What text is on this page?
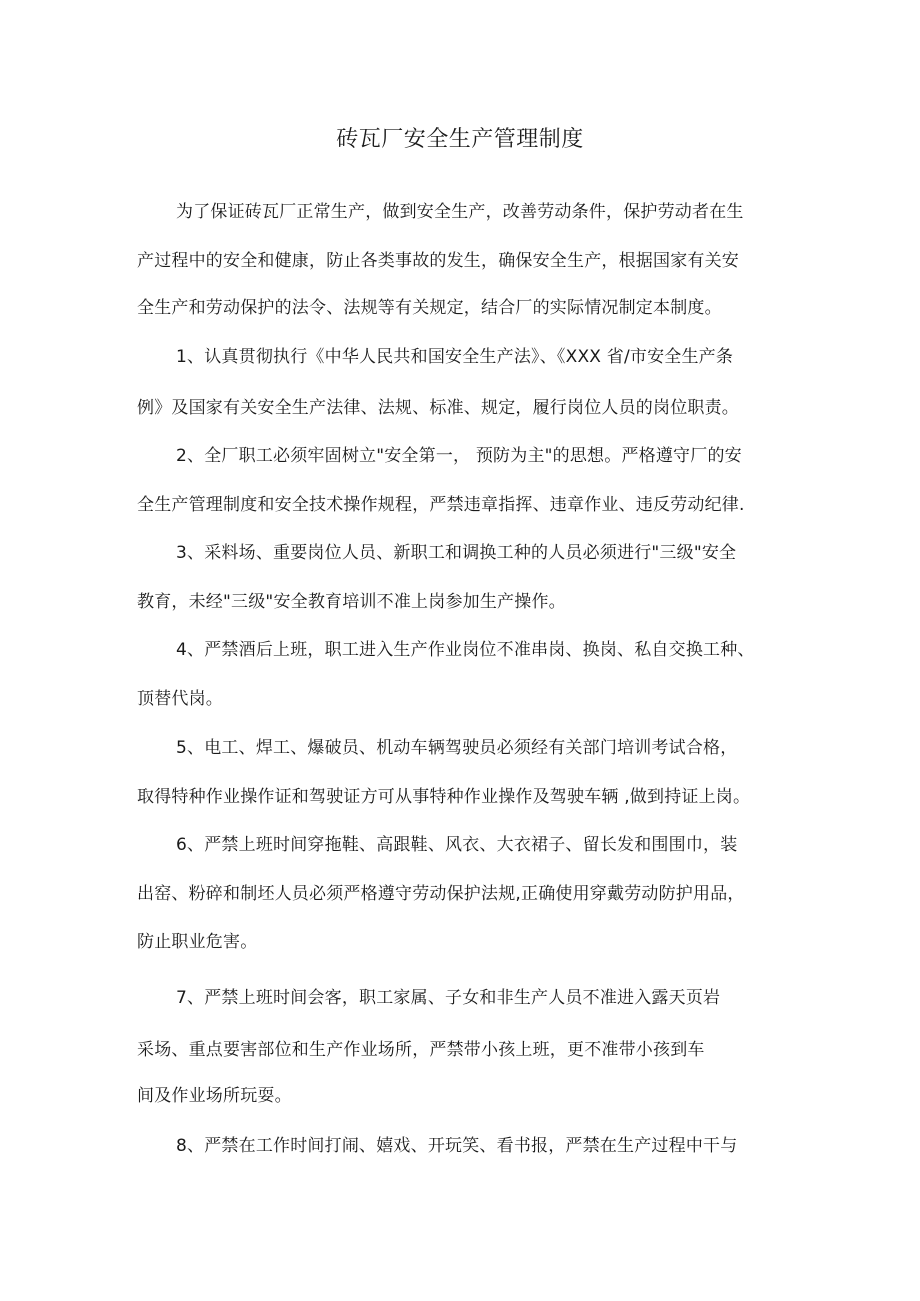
砖瓦厂安全生产管理制度
为了保证砖瓦厂正常生产，做到安全生产，改善劳动条件，保护劳动者在生
产过程中的安全和健康，防止各类事故的发生，确保安全生产，根据国家有关安
全生产和劳动保护的法令、法规等有关规定，结合厂的实际情况制定本制度。
1、认真贯彻执行《中华人民共和国安全生产法》、《XXX 省/市安全生产条
例》及国家有关安全生产法律、法规、标准、规定，履行岗位人员的岗位职责。
2、全厂职工必须牢固树立"安全第一， 预防为主"的思想。严格遵守厂的安
全生产管理制度和安全技术操作规程，严禁违章指挥、违章作业、违反劳动纪律.
3、采料场、重要岗位人员、新职工和调换工种的人员必须进行"三级"安全
教育，未经"三级"安全教育培训不准上岗参加生产操作。
4、严禁酒后上班，职工进入生产作业岗位不准串岗、换岗、私自交换工种、
顶替代岗。
5、电工、焊工、爆破员、机动车辆驾驶员必须经有关部门培训考试合格，
取得特种作业操作证和驾驶证方可从事特种作业操作及驾驶车辆 ,做到持证上岗。
6、严禁上班时间穿拖鞋、高跟鞋、风衣、大衣裙子、留长发和围围巾，装
出窑、粉碎和制坯人员必须严格遵守劳动保护法规,正确使用穿戴劳动防护用品，
防止职业危害。
7、严禁上班时间会客，职工家属、子女和非生产人员不准进入露天页岩
采场、重点要害部位和生产作业场所，严禁带小孩上班，更不准带小孩到车
间及作业场所玩耍。
8、严禁在工作时间打闹、嬉戏、开玩笑、看书报，严禁在生产过程中干与
